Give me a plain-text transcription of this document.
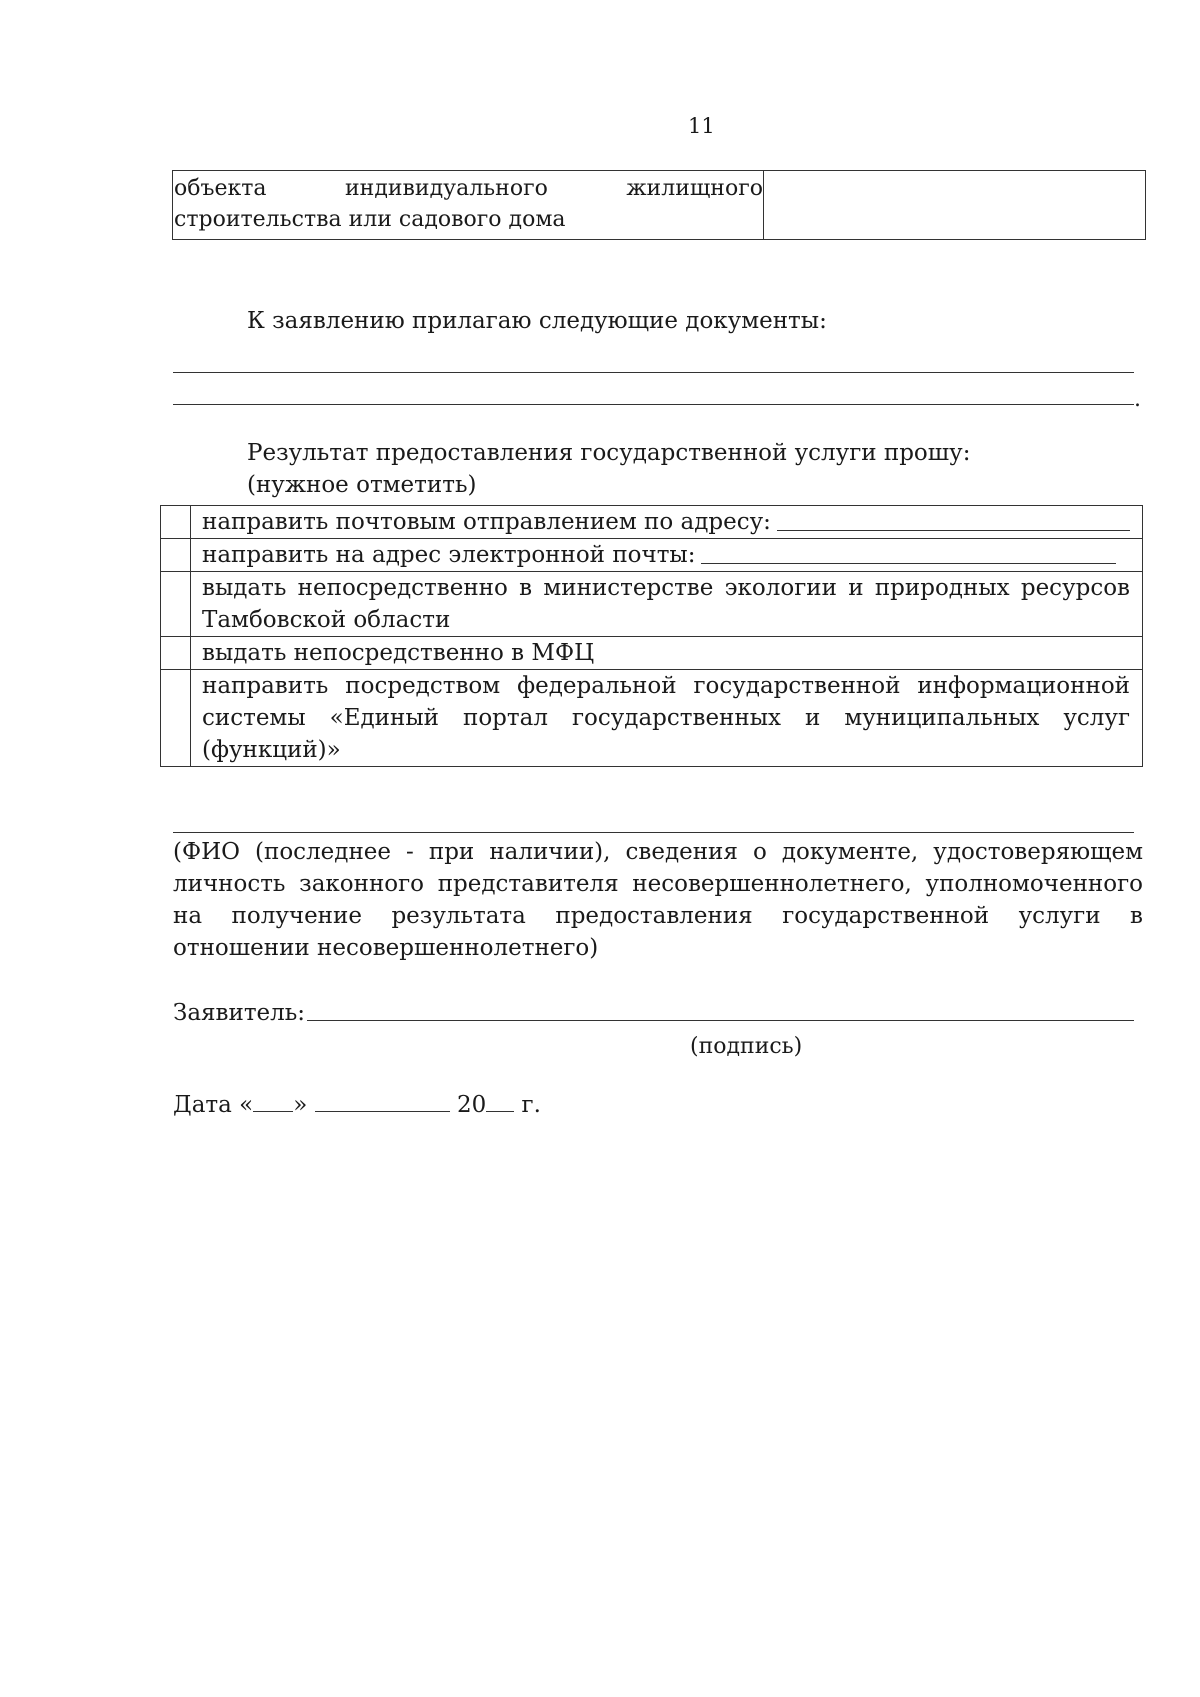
11
объекта	индивидуального	жилищного
строительства или садового дома
К заявлению прилагаю следующие документы:
.
Результат предоставления государственной услуги прошу:
(нужное отметить)
направить почтовым отправлением по адресу:
направить на адрес электронной почты:
выдать непосредственно в министерстве экологии и природных ресурсов Тамбовской области
выдать непосредственно в МФЦ
направить посредством федеральной государственной информационной системы «Единый портал государственных и муниципальных услуг (функций)»
(ФИО (последнее - при наличии), сведения о документе, удостоверяющем личность законного представителя несовершеннолетнего, уполномоченного на получение результата предоставления государственной услуги в отношении несовершеннолетнего)
Заявитель:
(подпись)
Дата « »

	20
г.
